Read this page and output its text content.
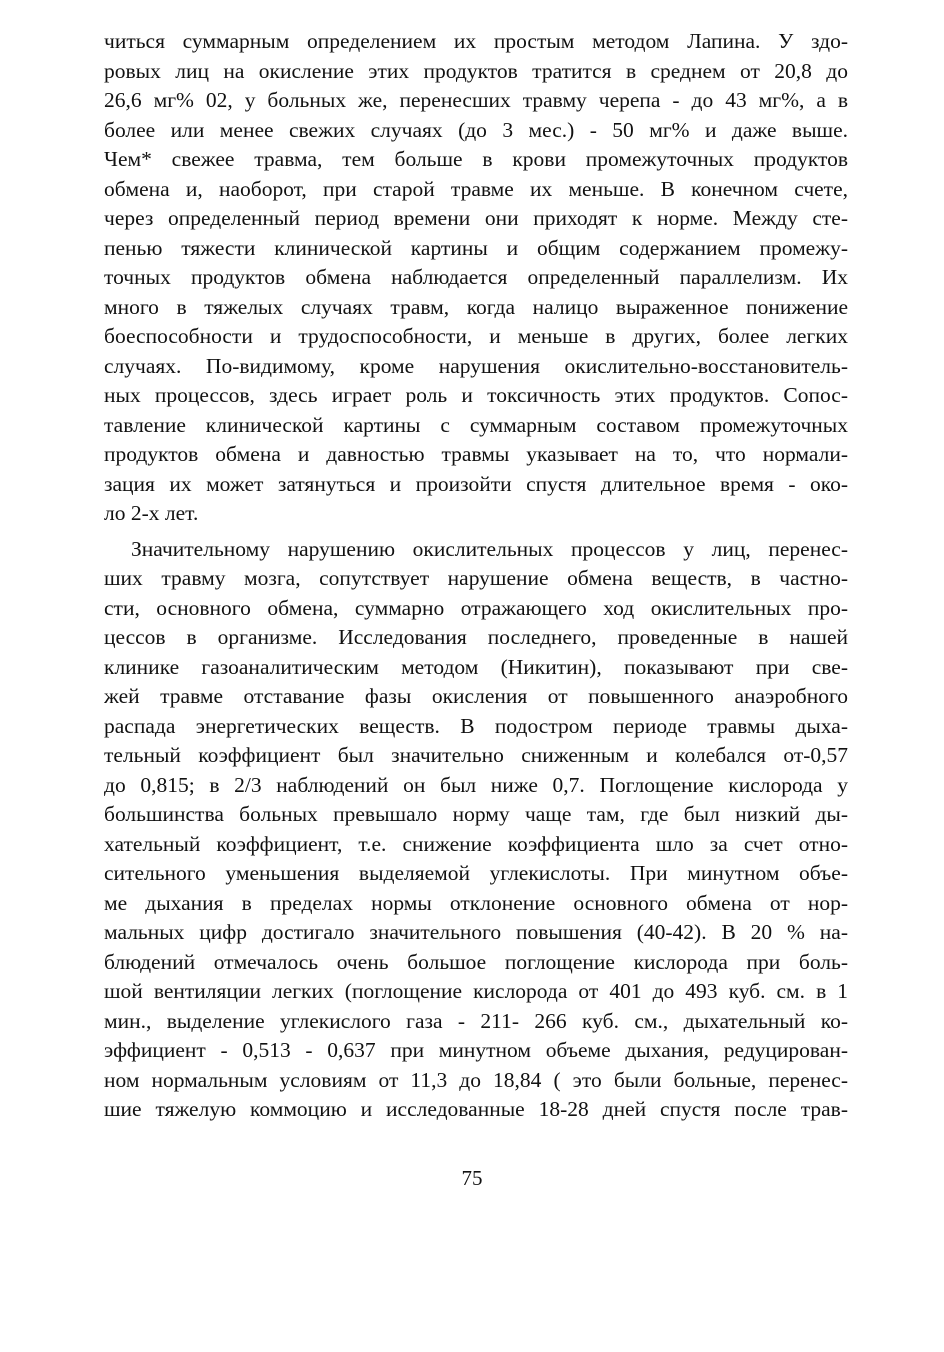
читься суммарным определением их простым методом Лапина. У здо-
ровых лиц на окисление этих продуктов тратится в среднем от 20,8 до
26,6 мг% 02, у больных же, перенесших травму черепа - до 43 мг%, а в
более или менее свежих случаях (до 3 мес.) - 50 мг% и даже выше.
Чем* свежее травма, тем больше в крови промежуточных продуктов
обмена и, наоборот, при старой травме их меньше. В конечном счете,
через определенный период времени они приходят к норме. Между сте-
пенью тяжести клинической картины и общим содержанием промежу-
точных продуктов обмена наблюдается определенный параллелизм. Их
много в тяжелых случаях травм, когда налицо выраженное понижение
боеспособности и трудоспособности, и меньше в других, более легких
случаях. По-видимому, кроме нарушения окислительно-восстановитель-
ных процессов, здесь играет роль и токсичность этих продуктов. Сопос-
тавление клинической картины с суммарным составом промежуточных
продуктов обмена и давностью травмы указывает на то, что нормали-
зация их может затянуться и произойти спустя длительное время - око-
ло 2-х лет.
Значительному нарушению окислительных процессов у лиц, перенес-
ших травму мозга, сопутствует нарушение обмена веществ, в частно-
сти, основного обмена, суммарно отражающего ход окислительных про-
цессов в организме. Исследования последнего, проведенные в нашей
клинике газоаналитическим методом (Никитин), показывают при све-
жей травме отставание фазы окисления от повышенного анаэробного
распада энергетических веществ. В подостром периоде травмы дыха-
тельный коэффициент был значительно сниженным и колебался от-0,57
до 0,815; в 2/3 наблюдений он был ниже 0,7. Поглощение кислорода у
большинства больных превышало норму чаще там, где был низкий ды-
хательный коэффициент, т.е. снижение коэффициента шло за счет отно-
сительного уменьшения выделяемой углекислоты. При минутном объе-
ме дыхания в пределах нормы отклонение основного обмена от нор-
мальных цифр достигало значительного повышения (40-42). В 20 % на-
блюдений отмечалось очень большое поглощение кислорода при боль-
шой вентиляции легких (поглощение кислорода от 401 до 493 куб. см. в 1
мин., выделение углекислого газа - 211- 266 куб. см., дыхательный ко-
эффициент - 0,513 - 0,637 при минутном объеме дыхания, редуцирован-
ном нормальным условиям от 11,3 до 18,84 ( это были больные, перенес-
шие тяжелую коммоцию и исследованные 18-28 дней спустя после трав-
75
